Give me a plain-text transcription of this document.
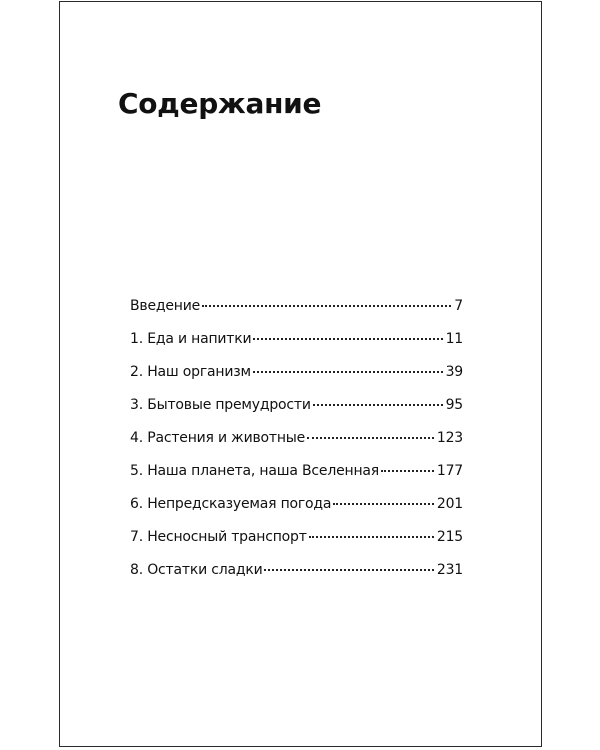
Содержание
Введение	7
1. Еда и напитки	11
2. Наш организм	39
3. Бытовые премудрости	95
4. Растения и животные	123
5. Наша планета, наша Вселенная	177
6. Непредсказуемая погода	201
7. Несносный транспорт	215
8. Остатки сладки	231
